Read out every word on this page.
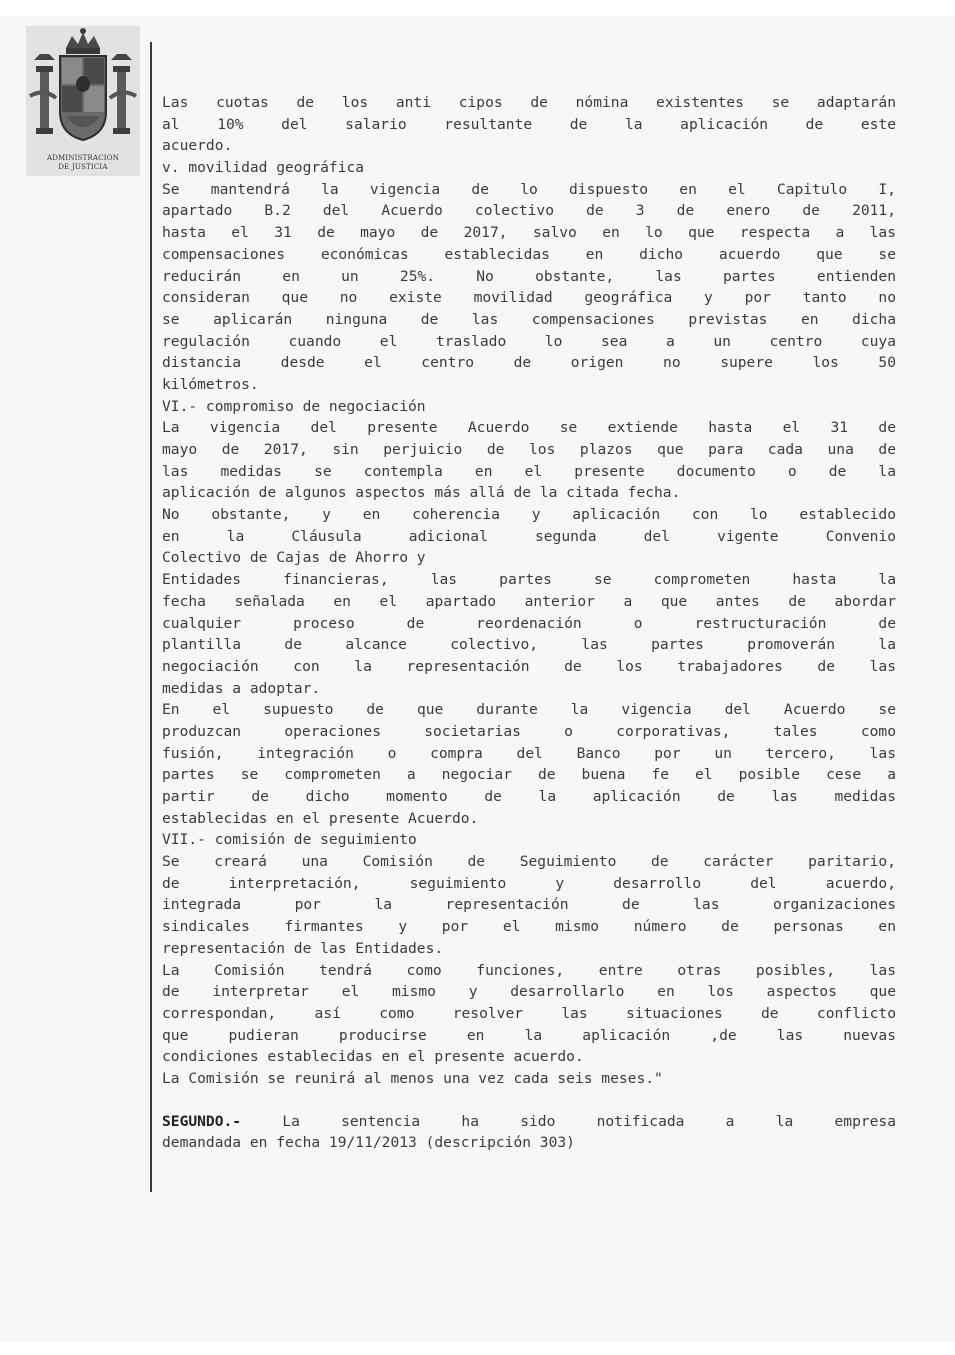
ADMINISTRACION
DE JUSTICIA
Las cuotas de los anti cipos de nómina existentes se adaptarán
al 10% del salario resultante de la aplicación de este
acuerdo.
v. movilidad geográfica
Se mantendrá la vigencia de lo dispuesto en el Capitulo I,
apartado B.2 del Acuerdo colectivo de 3 de enero de 2011,
hasta el 31 de mayo de 2017, salvo en lo que respecta a las
compensaciones económicas establecidas en dicho acuerdo que se
reducirán en un 25%. No obstante, las partes entienden
consideran que no existe movilidad geográfica y por tanto no
se aplicarán ninguna de las compensaciones previstas en dicha
regulación cuando el traslado lo sea a un centro cuya
distancia desde el centro de origen no supere los 50
kilómetros.
VI.- compromiso de negociación
La vigencia del presente Acuerdo se extiende hasta el 31 de
mayo de 2017, sin perjuicio de los plazos que para cada una de
las medidas se contempla en el presente documento o de la
aplicación de algunos aspectos más allá de la citada fecha.
No obstante, y en coherencia y aplicación con lo establecido
en la Cláusula adicional segunda del vigente Convenio
Colectivo de Cajas de Ahorro y
Entidades financieras, las partes se comprometen hasta la
fecha señalada en el apartado anterior a que antes de abordar
cualquier proceso de reordenación o restructuración de
plantilla de alcance colectivo, las partes promoverán la
negociación con la representación de los trabajadores de las
medidas a adoptar.
En el supuesto de que durante la vigencia del Acuerdo se
produzcan operaciones societarias o corporativas, tales como
fusión, integración o compra del Banco por un tercero, las
partes se comprometen a negociar de buena fe el posible cese a
partir de dicho momento de la aplicación de las medidas
establecidas en el presente Acuerdo.
VII.- comisión de seguimiento
Se creará una Comisión de Seguimiento de carácter paritario,
de interpretación, seguimiento y desarrollo del acuerdo,
integrada por la representación de las organizaciones
sindicales firmantes y por el mismo número de personas en
representación de las Entidades.
La Comisión tendrá como funciones, entre otras posibles, las
de interpretar el mismo y desarrollarlo en los aspectos que
correspondan, así como resolver las situaciones de conflicto
que pudieran producirse en la aplicación ,de las nuevas
condiciones establecidas en el presente acuerdo.
La Comisión se reunirá al menos una vez cada seis meses."
SEGUNDO.-	La sentencia ha sido notificada a la empresa
demandada en fecha 19/11/2013 (descripción 303)
